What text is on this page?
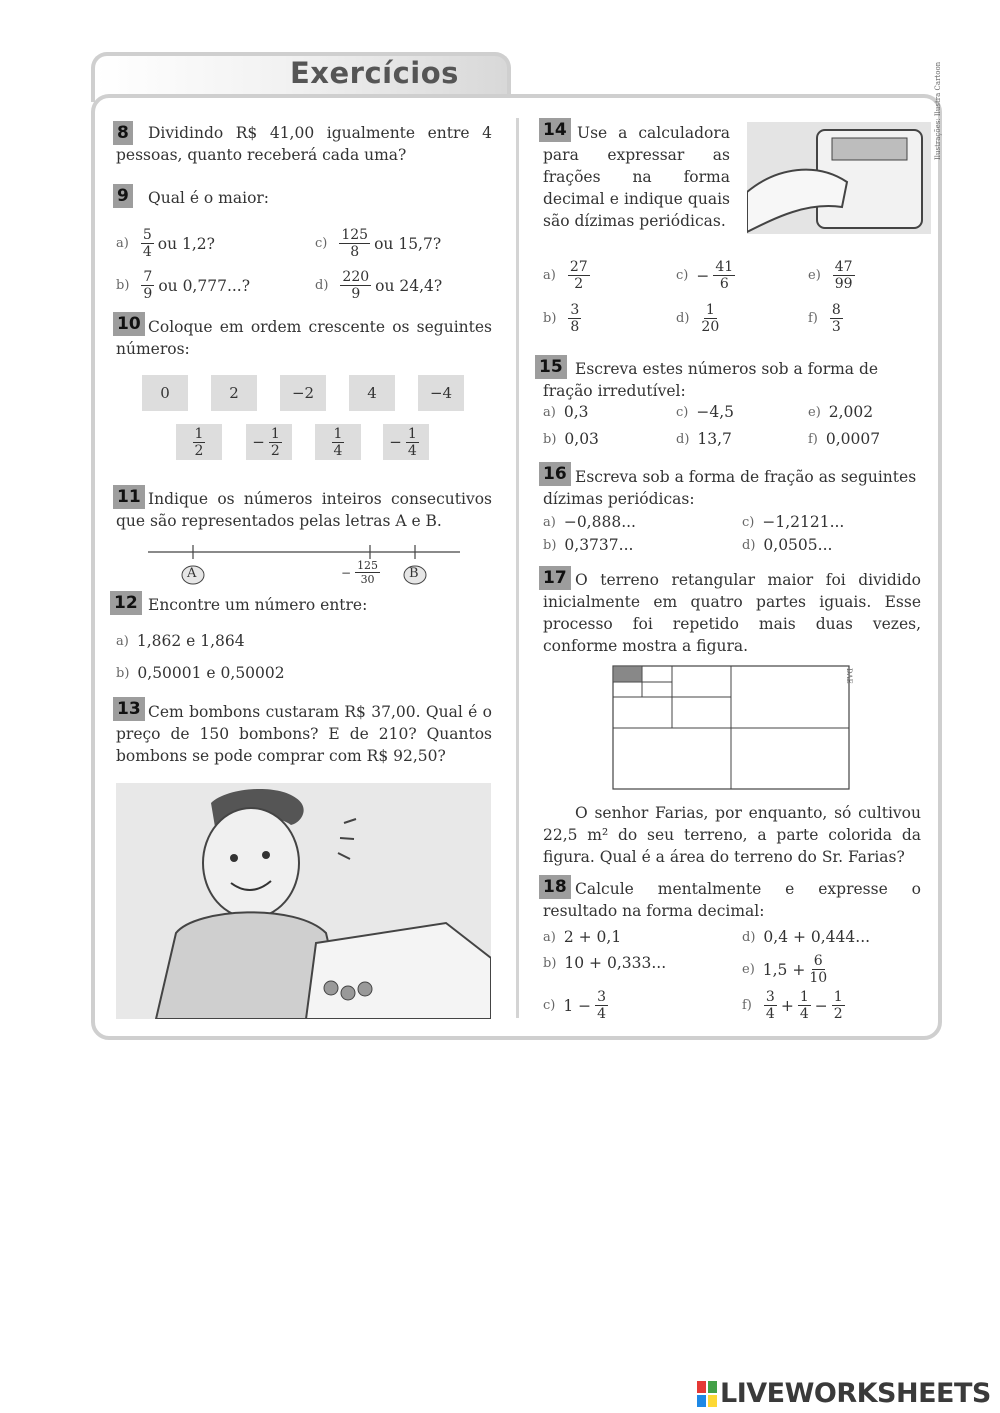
Exercícios
8	Dividindo R$ 41,00 igualmente entre 4 pessoas, quanto receberá cada uma?
9 Qual é o maior:
$a) \frac{5}{4}$ ou 1,2?
$b) \frac{7}{9}$ ou 0,777...?
$c) \frac{125}{8}$ ou 15,7?
$d) \frac{220}{9}$ ou 24,4?
10 Coloque em ordem crescente os seguintes números:
0	2	−2	4	−4
$\frac{1}{2}$	− $\frac{1}{2}$	$\frac{1}{4}$	− $\frac{1}{4}$
11 Indique os números inteiros consecutivos que são representados pelas letras A e B.
A	B
− $\frac{125}{30}$
12 Encontre um número entre:
a) 1,862 e 1,864
b) 0,50001 e 0,50002
13 Cem bombons custaram R$ 37,00. Qual é o preço de 150 bombons? E de 210? Quantos bombons se pode comprar com R$ 92,50?
14 Use a calculadora para expressar as frações na forma decimal e indique quais são dízimas periódicas.
Ilustrações: Ilustra Cartoon
$a) \frac{27}{2}$
$b) \frac{3}{8}$
$c) - \frac{41}{6}$
$d) \frac{1}{20}$
$e) \frac{47}{99}$
$f) \frac{8}{3}$
15 Escreva estes números sob a forma de fração irredutível:
a) 0,3
b) 0,03
c) −4,5
d) 13,7
e) 2,002
f) 0,0007
16 Escreva sob a forma de fração as seguintes dízimas periódicas:
a) −0,888...
b) 0,3737...
c) −1,2121...
d) 0,0505...
17 O terreno retangular maior foi dividido inicialmente em quatro partes iguais. Esse processo foi repetido mais duas vezes, conforme mostra a figura.
DAE
O senhor Farias, por enquanto, só cultivou 22,5 m² do seu terreno, a parte colorida da figura. Qual é a área do terreno do Sr. Farias?
18 Calcule mentalmente e expresse o resultado na forma decimal:
a) 2 + 0,1
b) 10 + 0,333...
c) $1 - \frac{3}{4}$
d) 0,4 + 0,444...
e) $1,5 + \frac{6}{10}$
$f) \frac{3}{4} + \frac{1}{4} - \frac{1}{2}$
LIVEWORKSHEETS
